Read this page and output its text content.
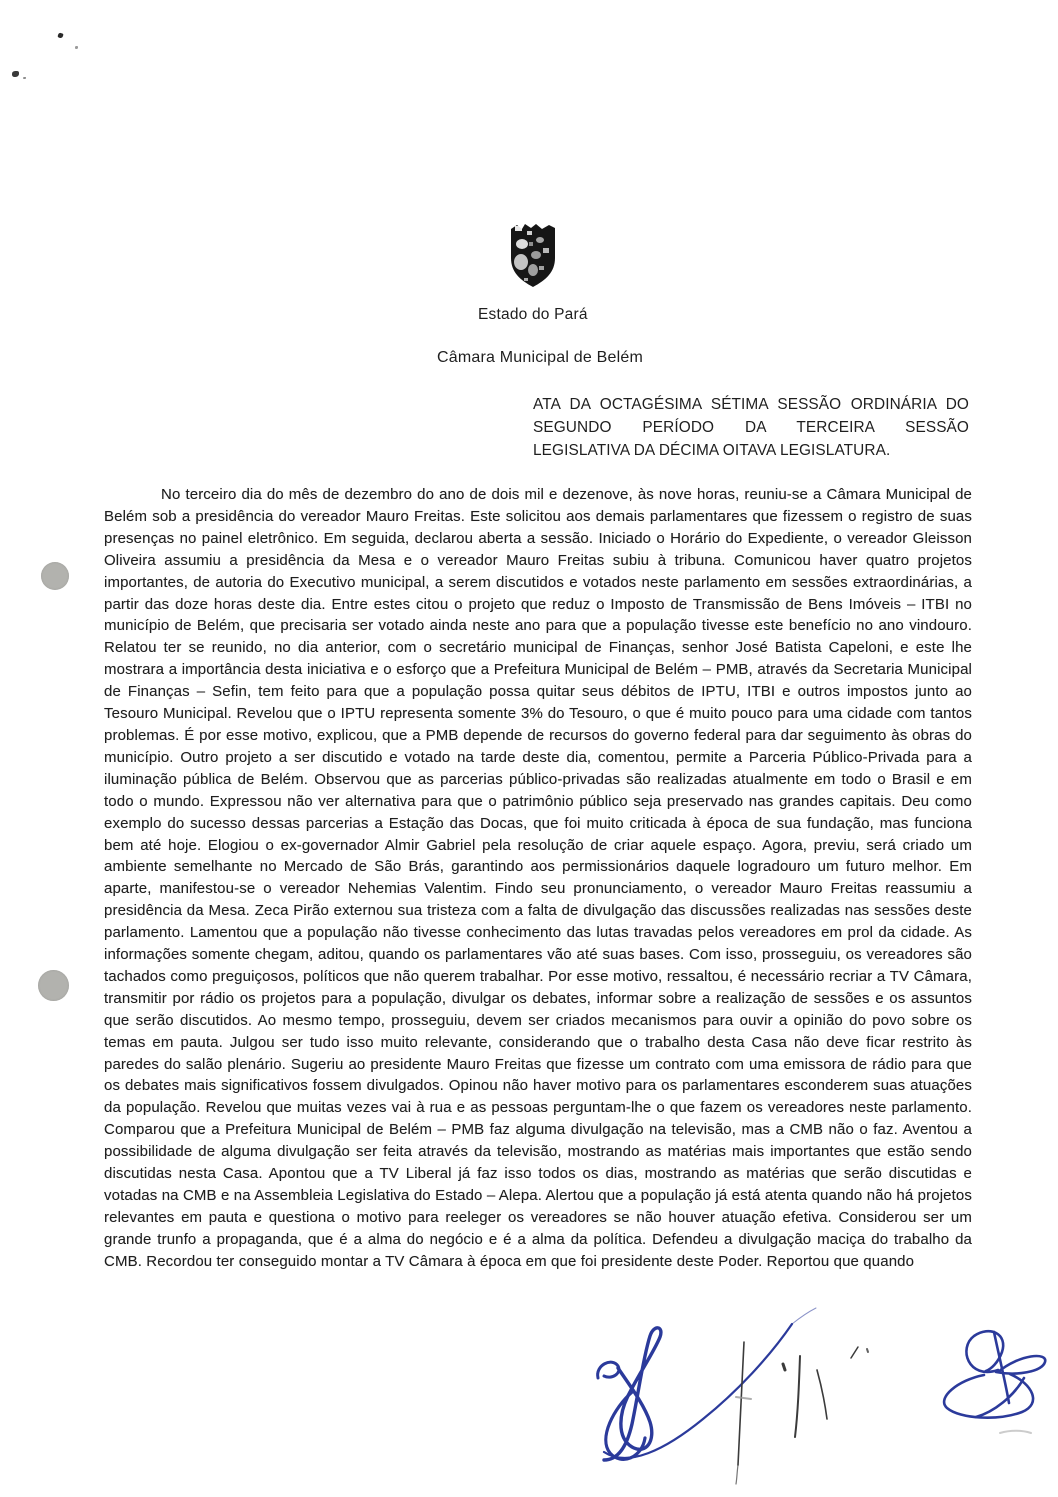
Estado do Pará
Câmara Municipal de Belém
ATA DA OCTAGÉSIMA SÉTIMA SESSÃO ORDINÁRIA DO
SEGUNDO PERÍODO DA TERCEIRA SESSÃO
LEGISLATIVA DA DÉCIMA OITAVA LEGISLATURA.

No terceiro dia do mês de dezembro do ano de dois mil e dezenove, às nove horas, reuniu-se a Câmara Municipal de Belém sob a presidência do vereador Mauro Freitas. Este solicitou aos demais parlamentares que fizessem o registro de suas presenças no painel eletrônico. Em seguida, declarou aberta a sessão. Iniciado o Horário do Expediente, o vereador Gleisson Oliveira assumiu a presidência da Mesa e o vereador Mauro Freitas subiu à tribuna. Comunicou haver quatro projetos importantes, de autoria do Executivo municipal, a serem discutidos e votados neste parlamento em sessões extraordinárias, a partir das doze horas deste dia. Entre estes citou o projeto que reduz o Imposto de Transmissão de Bens Imóveis – ITBI no município de Belém, que precisaria ser votado ainda neste ano para que a população tivesse este benefício no ano vindouro. Relatou ter se reunido, no dia anterior, com o secretário municipal de Finanças, senhor José Batista Capeloni, e este lhe mostrara a importância desta iniciativa e o esforço que a Prefeitura Municipal de Belém – PMB, através da Secretaria Municipal de Finanças – Sefin, tem feito para que a população possa quitar seus débitos de IPTU, ITBI e outros impostos junto ao Tesouro Municipal. Revelou que o IPTU representa somente 3% do Tesouro, o que é muito pouco para uma cidade com tantos problemas. É por esse motivo, explicou, que a PMB depende de recursos do governo federal para dar seguimento às obras do município. Outro projeto a ser discutido e votado na tarde deste dia, comentou, permite a Parceria Público-Privada para a iluminação pública de Belém. Observou que as parcerias público-privadas são realizadas atualmente em todo o Brasil e em todo o mundo. Expressou não ver alternativa para que o patrimônio público seja preservado nas grandes capitais. Deu como exemplo do sucesso dessas parcerias a Estação das Docas, que foi muito criticada à época de sua fundação, mas funciona bem até hoje. Elogiou o ex-governador Almir Gabriel pela resolução de criar aquele espaço. Agora, previu, será criado um ambiente semelhante no Mercado de São Brás, garantindo aos permissionários daquele logradouro um futuro melhor. Em aparte, manifestou-se o vereador Nehemias Valentim. Findo seu pronunciamento, o vereador Mauro Freitas reassumiu a presidência da Mesa. Zeca Pirão externou sua tristeza com a falta de divulgação das discussões realizadas nas sessões deste parlamento. Lamentou que a população não tivesse conhecimento das lutas travadas pelos vereadores em prol da cidade. As informações somente chegam, aditou, quando os parlamentares vão até suas bases. Com isso, prosseguiu, os vereadores são tachados como preguiçosos, políticos que não querem trabalhar. Por esse motivo, ressaltou, é necessário recriar a TV Câmara, transmitir por rádio os projetos para a população, divulgar os debates, informar sobre a realização de sessões e os assuntos que serão discutidos. Ao mesmo tempo, prosseguiu, devem ser criados mecanismos para ouvir a opinião do povo sobre os temas em pauta. Julgou ser tudo isso muito relevante, considerando que o trabalho desta Casa não deve ficar restrito às paredes do salão plenário. Sugeriu ao presidente Mauro Freitas que fizesse um contrato com uma emissora de rádio para que os debates mais significativos fossem divulgados. Opinou não haver motivo para os parlamentares esconderem suas atuações da população. Revelou que muitas vezes vai à rua e as pessoas perguntam-lhe o que fazem os vereadores neste parlamento. Comparou que a Prefeitura Municipal de Belém – PMB faz alguma divulgação na televisão, mas a CMB não o faz. Aventou a possibilidade de alguma divulgação ser feita através da televisão, mostrando as matérias mais importantes que estão sendo discutidas nesta Casa. Apontou que a TV Liberal já faz isso todos os dias, mostrando as matérias que serão discutidas e votadas na CMB e na Assembleia Legislativa do Estado – Alepa. Alertou que a população já está atenta quando não há projetos relevantes em pauta e questiona o motivo para reeleger os vereadores se não houver atuação efetiva. Considerou ser um grande trunfo a propaganda, que é a alma do negócio e é a alma da política. Defendeu a divulgação maciça do trabalho da CMB. Recordou ter conseguido montar a TV Câmara à época em que foi presidente deste Poder. Reportou que quando
